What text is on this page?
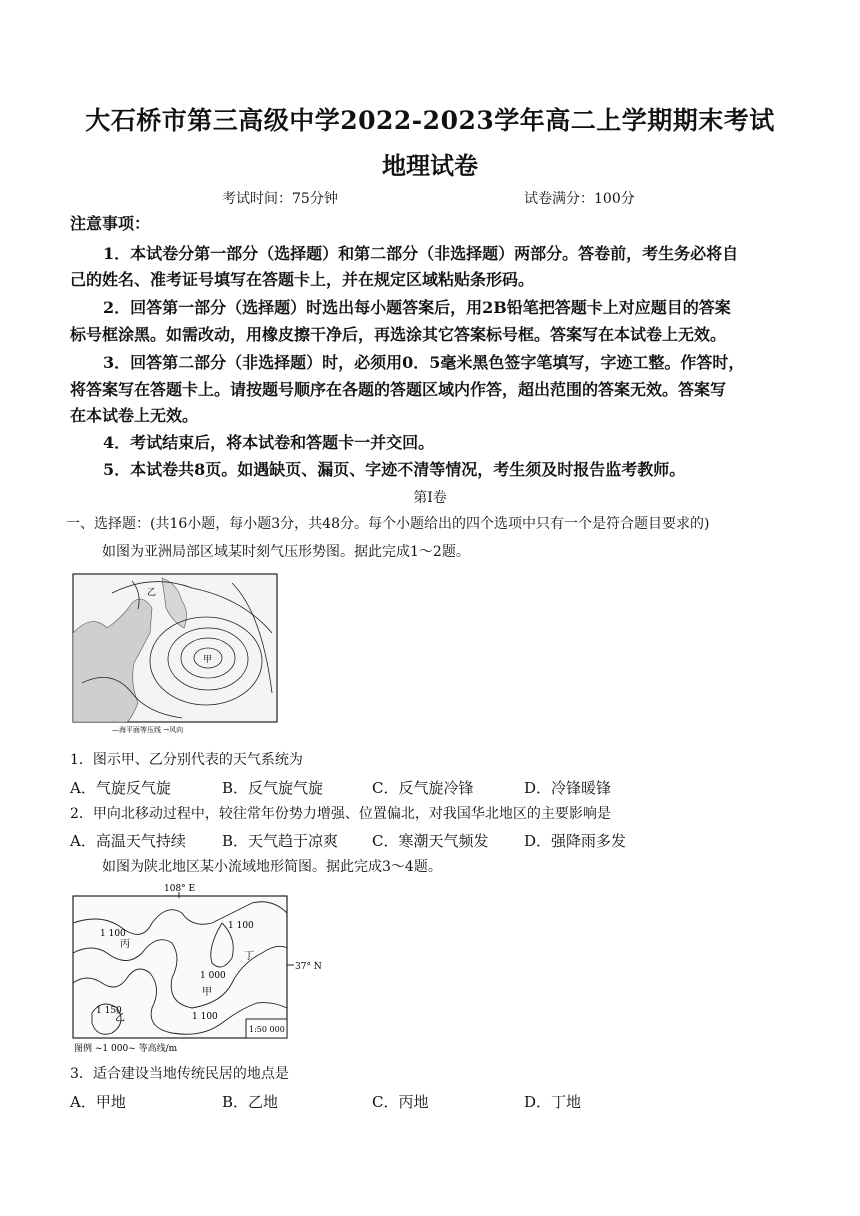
大石桥市第三高级中学2022-2023学年高二上学期期末考试
地理试卷
考试时间：75分钟	试卷满分：100分
注意事项：
1．本试卷分第一部分（选择题）和第二部分（非选择题）两部分。答卷前，考生务必将自
己的姓名、准考证号填写在答题卡上，并在规定区域粘贴条形码。
2．回答第一部分（选择题）时选出每小题答案后，用2B铅笔把答题卡上对应题目的答案
标号框涂黑。如需改动，用橡皮擦干净后，再选涂其它答案标号框。答案写在本试卷上无效。
3．回答第二部分（非选择题）时，必须用0．5毫米黑色签字笔填写，字迹工整。作答时，
将答案写在答题卡上。请按题号顺序在各题的答题区域内作答，超出范围的答案无效。答案写
在本试卷上无效。
4．考试结束后，将本试卷和答题卡一并交回。
5．本试卷共8页。如遇缺页、漏页、字迹不清等情况，考生须及时报告监考教师。
第Ⅰ卷
一、选择题：(共16小题，每小题3分，共48分。每个小题给出的四个选项中只有一个是符合题目要求的)
如图为亚洲局部区域某时刻气压形势图。据此完成1～2题。
甲
乙
—海平面等压线 →风向
1．图示甲、乙分别代表的天气系统为
A．气旋反气旋	B．反气旋气旋	C．反气旋冷锋	D．冷锋暖锋
2．甲向北移动过程中，较往常年份势力增强、位置偏北，对我国华北地区的主要影响是
A．高温天气持续 B．天气趋于凉爽 C．寒潮天气频发 D．强降雨多发
如图为陕北地区某小流域地形简图。据此完成3～4题。
108° E
37° N
1 100
1 100
1 100
1 000
1 150
丙
丁
甲
乙
1:50 000
图例 ~1 000~ 等高线/m
3．适合建设当地传统民居的地点是
A．甲地	B．乙地	C．丙地	D．丁地
